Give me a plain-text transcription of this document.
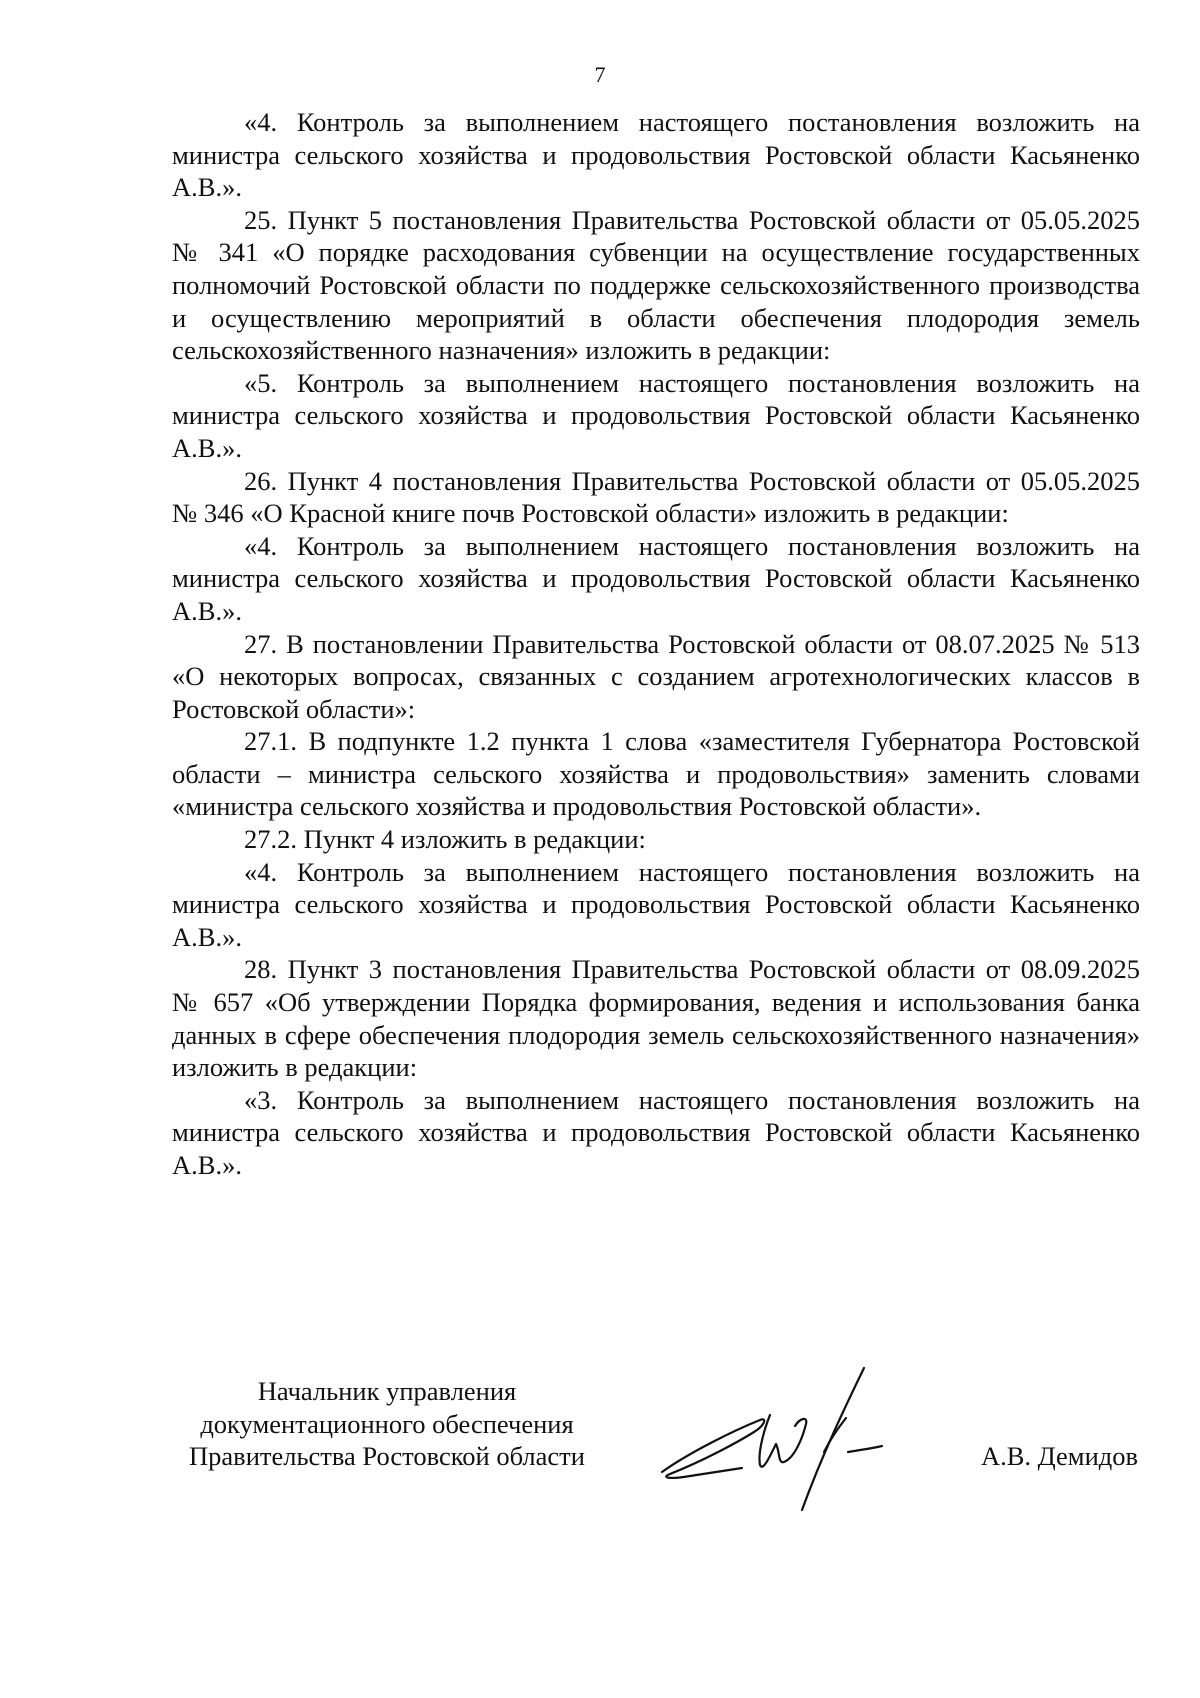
7

«4. Контроль за выполнением настоящего постановления возложить на министра сельского хозяйства и продовольствия Ростовской области Касьяненко А.В.».

25. Пункт 5 постановления Правительства Ростовской области от 05.05.2025 № 341 «О порядке расходования субвенции на осуществление государственных полномочий Ростовской области по поддержке сельскохозяйственного производства и осуществлению мероприятий в области обеспечения плодородия земель сельскохозяйственного назначения» изложить в редакции:

«5. Контроль за выполнением настоящего постановления возложить на министра сельского хозяйства и продовольствия Ростовской области Касьяненко А.В.».

26. Пункт 4 постановления Правительства Ростовской области от 05.05.2025 № 346 «О Красной книге почв Ростовской области» изложить в редакции:

«4. Контроль за выполнением настоящего постановления возложить на министра сельского хозяйства и продовольствия Ростовской области Касьяненко А.В.».

27. В постановлении Правительства Ростовской области от 08.07.2025 № 513 «О некоторых вопросах, связанных с созданием агротехнологических классов в Ростовской области»:

27.1. В подпункте 1.2 пункта 1 слова «заместителя Губернатора Ростовской области – министра сельского хозяйства и продовольствия» заменить словами «министра сельского хозяйства и продовольствия Ростовской области».

27.2. Пункт 4 изложить в редакции:

«4. Контроль за выполнением настоящего постановления возложить на министра сельского хозяйства и продовольствия Ростовской области Касьяненко А.В.».

28. Пункт 3 постановления Правительства Ростовской области от 08.09.2025 № 657 «Об утверждении Порядка формирования, ведения и использования банка данных в сфере обеспечения плодородия земель сельскохозяйственного назначения» изложить в редакции:

«3. Контроль за выполнением настоящего постановления возложить на министра сельского хозяйства и продовольствия Ростовской области Касьяненко А.В.».

Начальник управления
документационного обеспечения
Правительства Ростовской области	А.В. Демидов
